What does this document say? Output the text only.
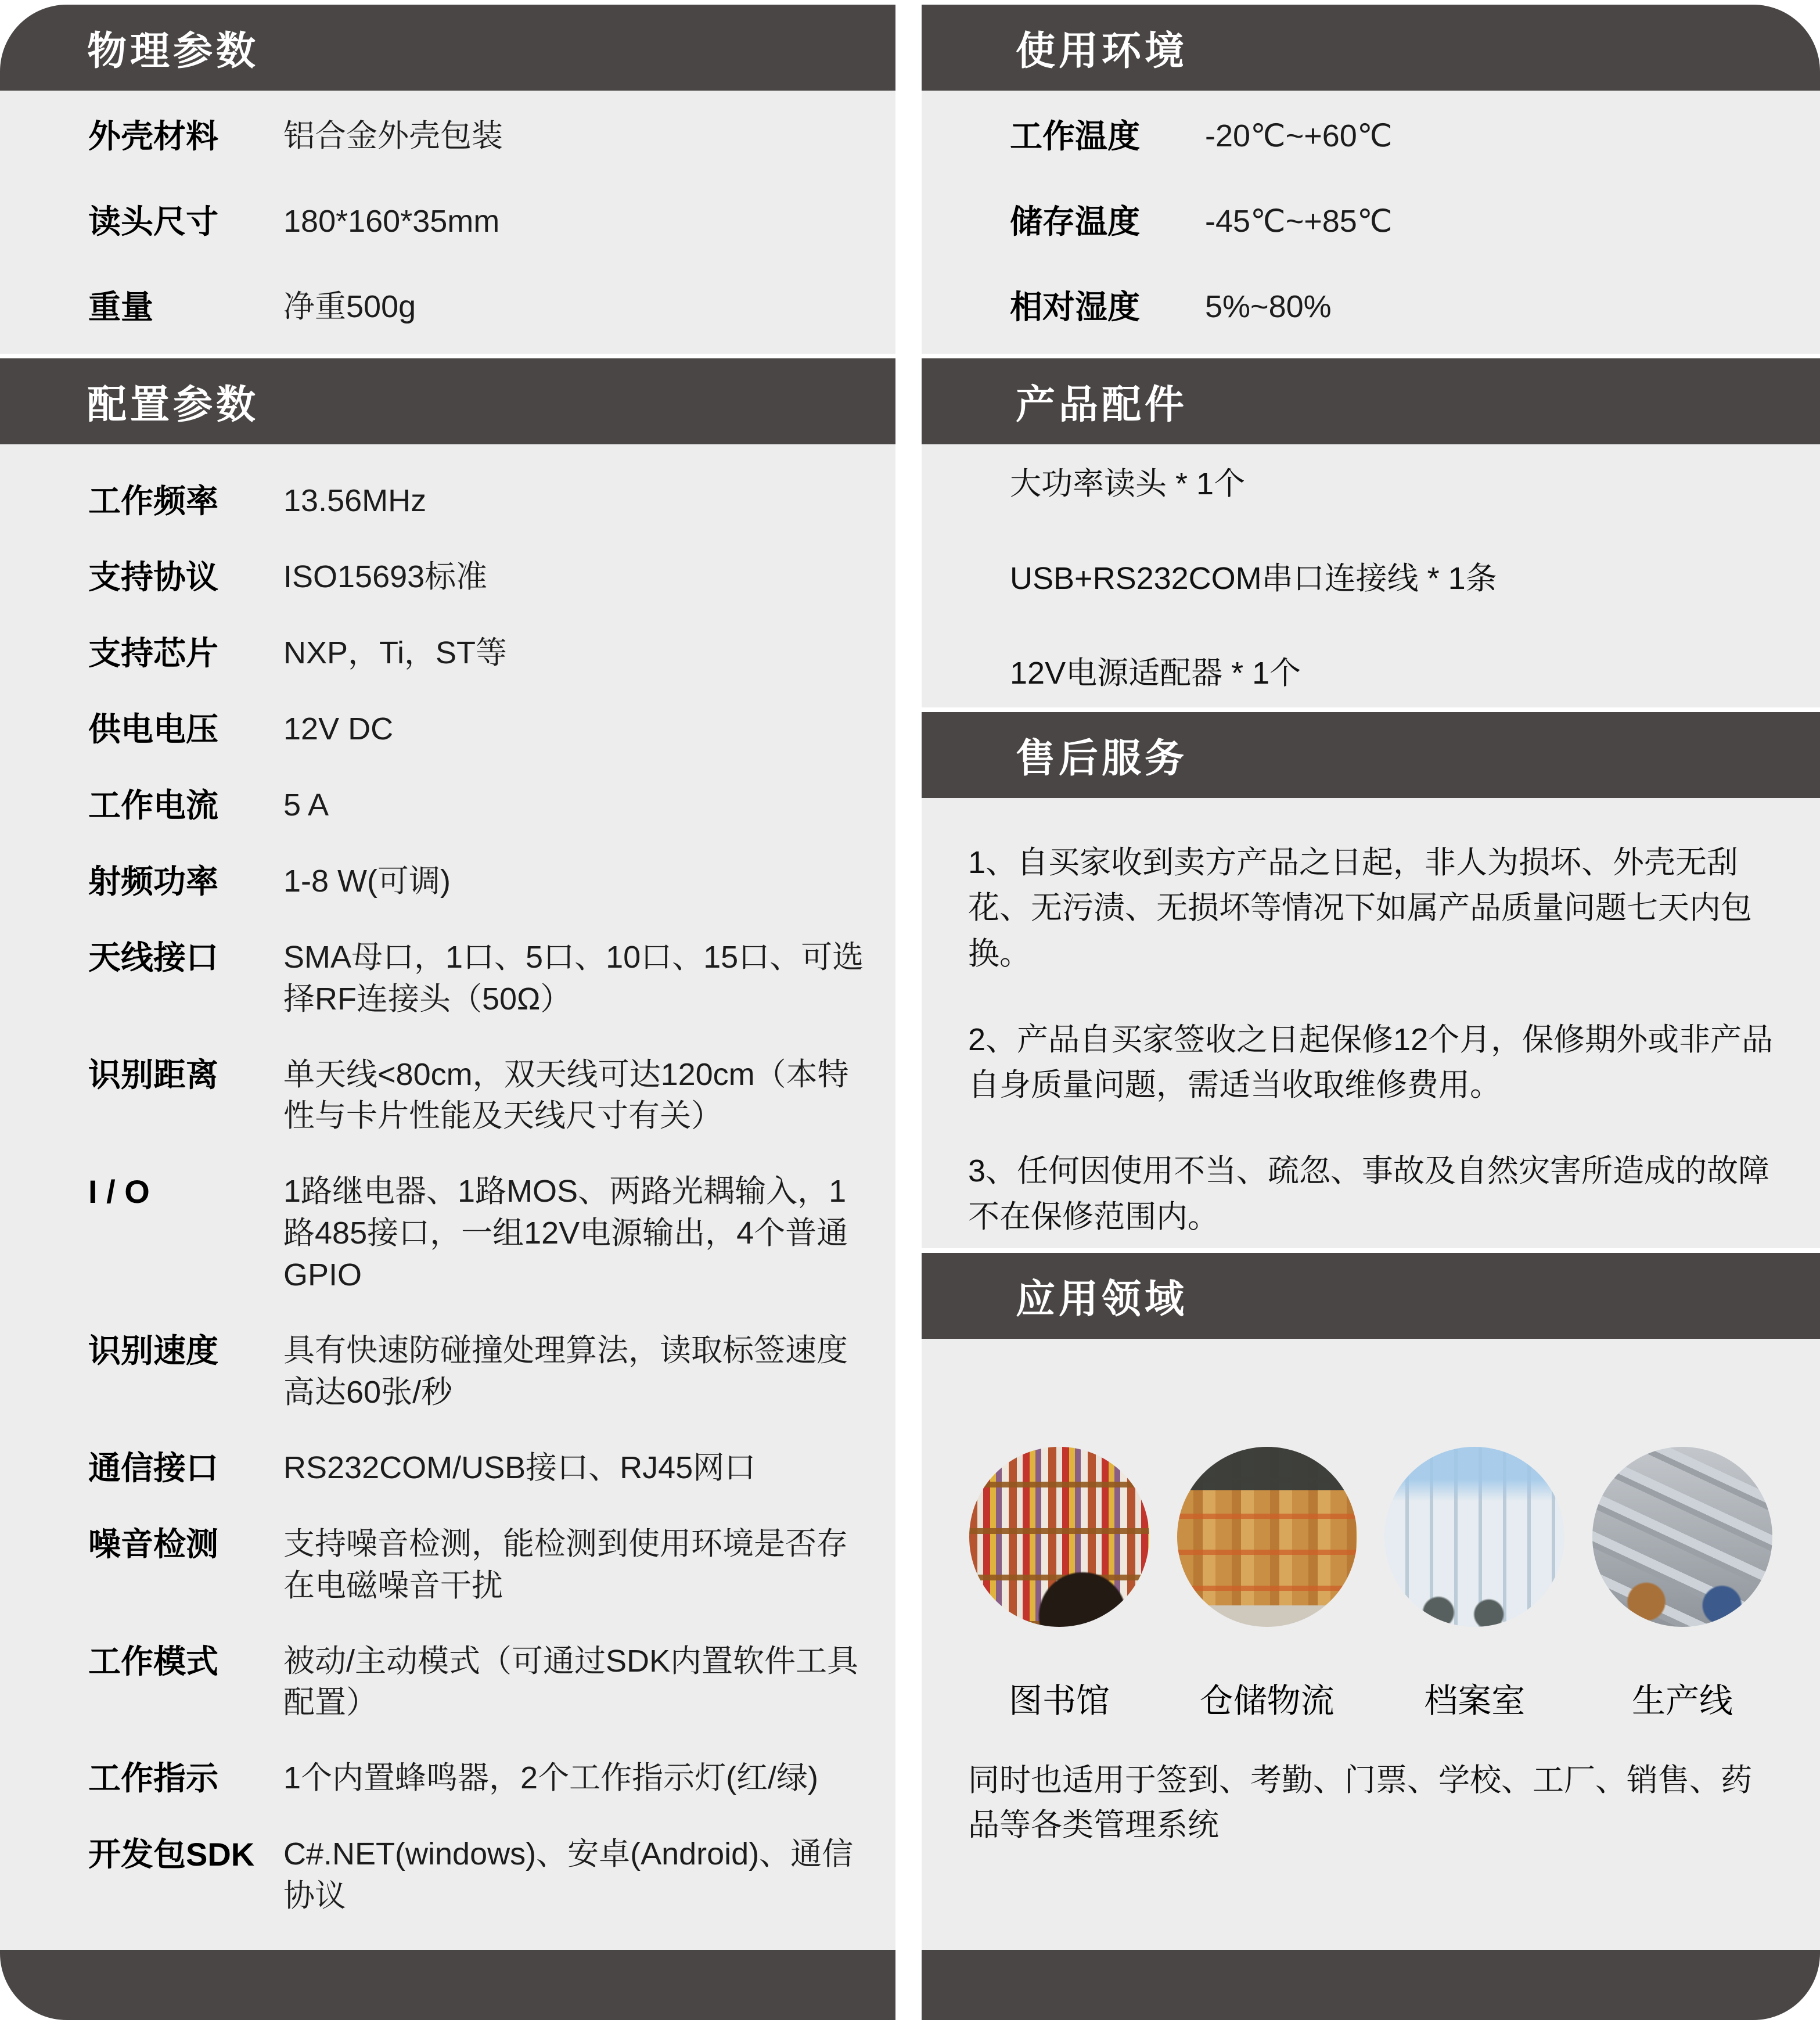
物理参数
外壳材料	铝合金外壳包装
读头尺寸	180*160*35mm
重量	净重500g
配置参数
工作频率	13.56MHz
支持协议	ISO15693标准
支持芯片	NXP，Ti，ST等
供电电压	12V DC
工作电流	5 A
射频功率	1-8 W(可调)
天线接口	SMA母口，1口、5口、10口、15口、可选择RF连接头（50Ω）
识别距离	单天线<80cm，双天线可达120cm（本特性与卡片性能及天线尺寸有关）
I / O	1路继电器、1路MOS、两路光耦输入，1路485接口，一组12V电源输出，4个普通GPIO
识别速度	具有快速防碰撞处理算法，读取标签速度高达60张/秒
通信接口	RS232COM/USB接口、RJ45网口
噪音检测	支持噪音检测，能检测到使用环境是否存在电磁噪音干扰
工作模式	被动/主动模式（可通过SDK内置软件工具配置）
工作指示	1个内置蜂鸣器，2个工作指示灯(红/绿)
开发包SDK C#.NET(windows)、安卓(Android)、通信协议
使用环境
工作温度	-20℃~+60℃
储存温度	-45℃~+85℃
相对湿度	5%~80%
产品配件
大功率读头 * 1个
USB+RS232COM串口连接线 * 1条
12V电源适配器 * 1个
售后服务
1、自买家收到卖方产品之日起，非人为损坏、外壳无刮花、无污渍、无损坏等情况下如属产品质量问题七天内包换。
2、产品自买家签收之日起保修12个月，保修期外或非产品自身质量问题，需适当收取维修费用。
3、任何因使用不当、疏忽、事故及自然灾害所造成的故障不在保修范围内。
应用领域
图书馆	仓储物流	档案室	生产线
同时也适用于签到、考勤、门票、学校、工厂、销售、药品等各类管理系统
